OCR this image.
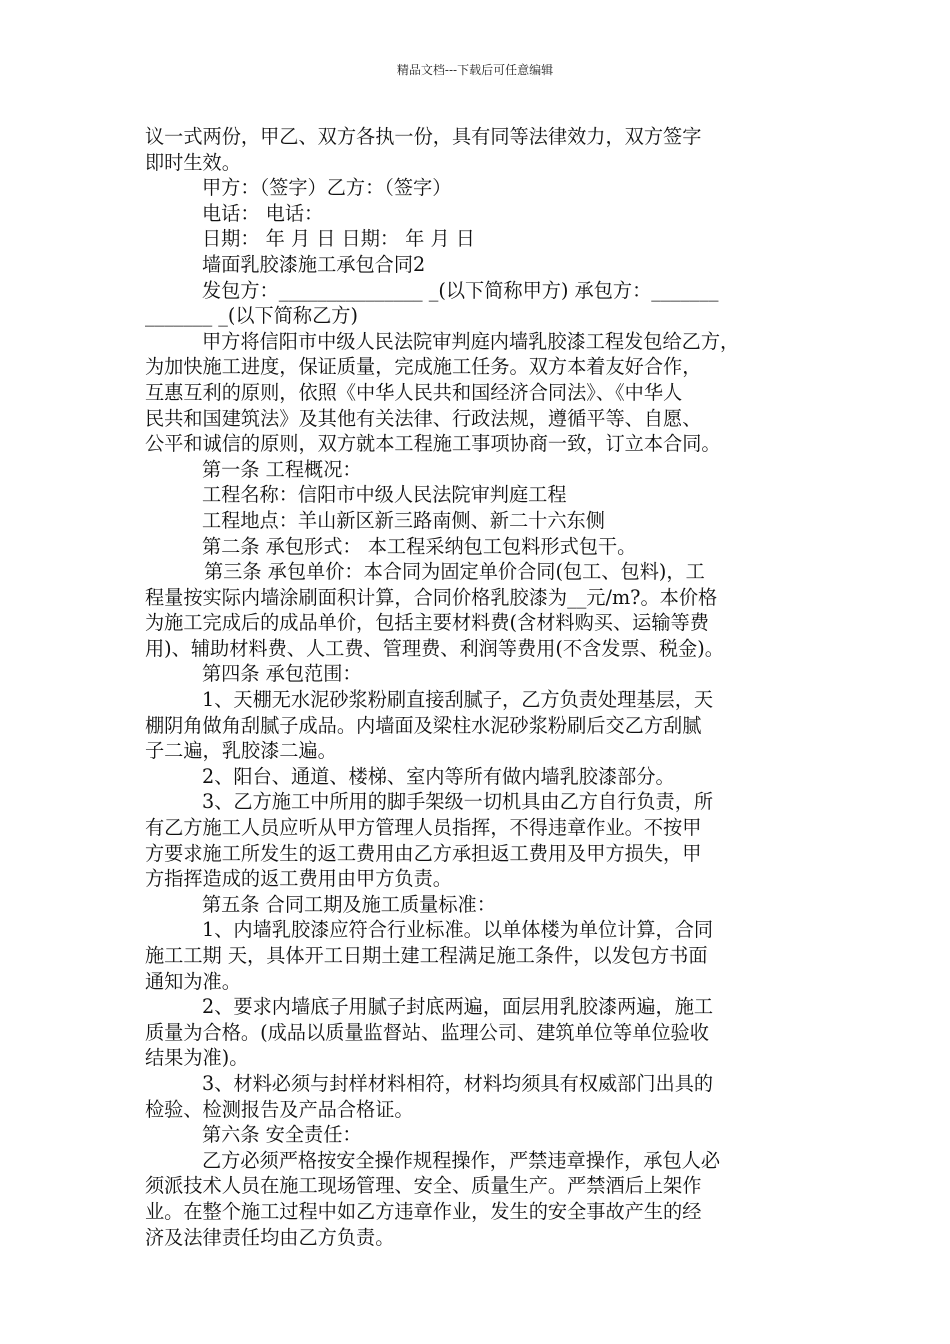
精品文档---下载后可任意编辑
议一式两份，甲乙、双方各执一份，具有同等法律效力，双方签字
即时生效。
甲方：（签字）乙方：（签字）
电话： 电话：
日期： 年 月 日 日期： 年 月 日
墙面乳胶漆施工承包合同2
发包方：_______________ _(以下简称甲方) 承包方：_______
_______ _(以下简称乙方)
甲方将信阳市中级人民法院审判庭内墙乳胶漆工程发包给乙方，
为加快施工进度，保证质量，完成施工任务。双方本着友好合作，
互惠互利的原则，依照《中华人民共和国经济合同法》、《中华人
民共和国建筑法》及其他有关法律、行政法规，遵循平等、自愿、
公平和诚信的原则，双方就本工程施工事项协商一致，订立本合同。
第一条 工程概况：
工程名称：信阳市中级人民法院审判庭工程
工程地点：羊山新区新三路南侧、新二十六东侧
第二条 承包形式： 本工程采纳包工包料形式包干。
第三条 承包单价：本合同为固定单价合同(包工、包料)，工
程量按实际内墙涂刷面积计算，合同价格乳胶漆为__元/m?。本价格
为施工完成后的成品单价，包括主要材料费(含材料购买、运输等费
用)、辅助材料费、人工费、管理费、利润等费用(不含发票、税金)。
第四条 承包范围：
1、天棚无水泥砂浆粉刷直接刮腻子，乙方负责处理基层，天
棚阴角做角刮腻子成品。内墙面及梁柱水泥砂浆粉刷后交乙方刮腻
子二遍，乳胶漆二遍。
2、阳台、通道、楼梯、室内等所有做内墙乳胶漆部分。
3、乙方施工中所用的脚手架级一切机具由乙方自行负责，所
有乙方施工人员应听从甲方管理人员指挥，不得违章作业。不按甲
方要求施工所发生的返工费用由乙方承担返工费用及甲方损失，甲
方指挥造成的返工费用由甲方负责。
第五条 合同工期及施工质量标准：
1、内墙乳胶漆应符合行业标准。以单体楼为单位计算，合同
施工工期 天，具体开工日期土建工程满足施工条件，以发包方书面
通知为准。
2、要求内墙底子用腻子封底两遍，面层用乳胶漆两遍，施工
质量为合格。(成品以质量监督站、监理公司、建筑单位等单位验收
结果为准)。
3、材料必须与封样材料相符，材料均须具有权威部门出具的
检验、检测报告及产品合格证。
第六条 安全责任：
乙方必须严格按安全操作规程操作，严禁违章操作，承包人必
须派技术人员在施工现场管理、安全、质量生产。严禁酒后上架作
业。在整个施工过程中如乙方违章作业，发生的安全事故产生的经
济及法律责任均由乙方负责。
